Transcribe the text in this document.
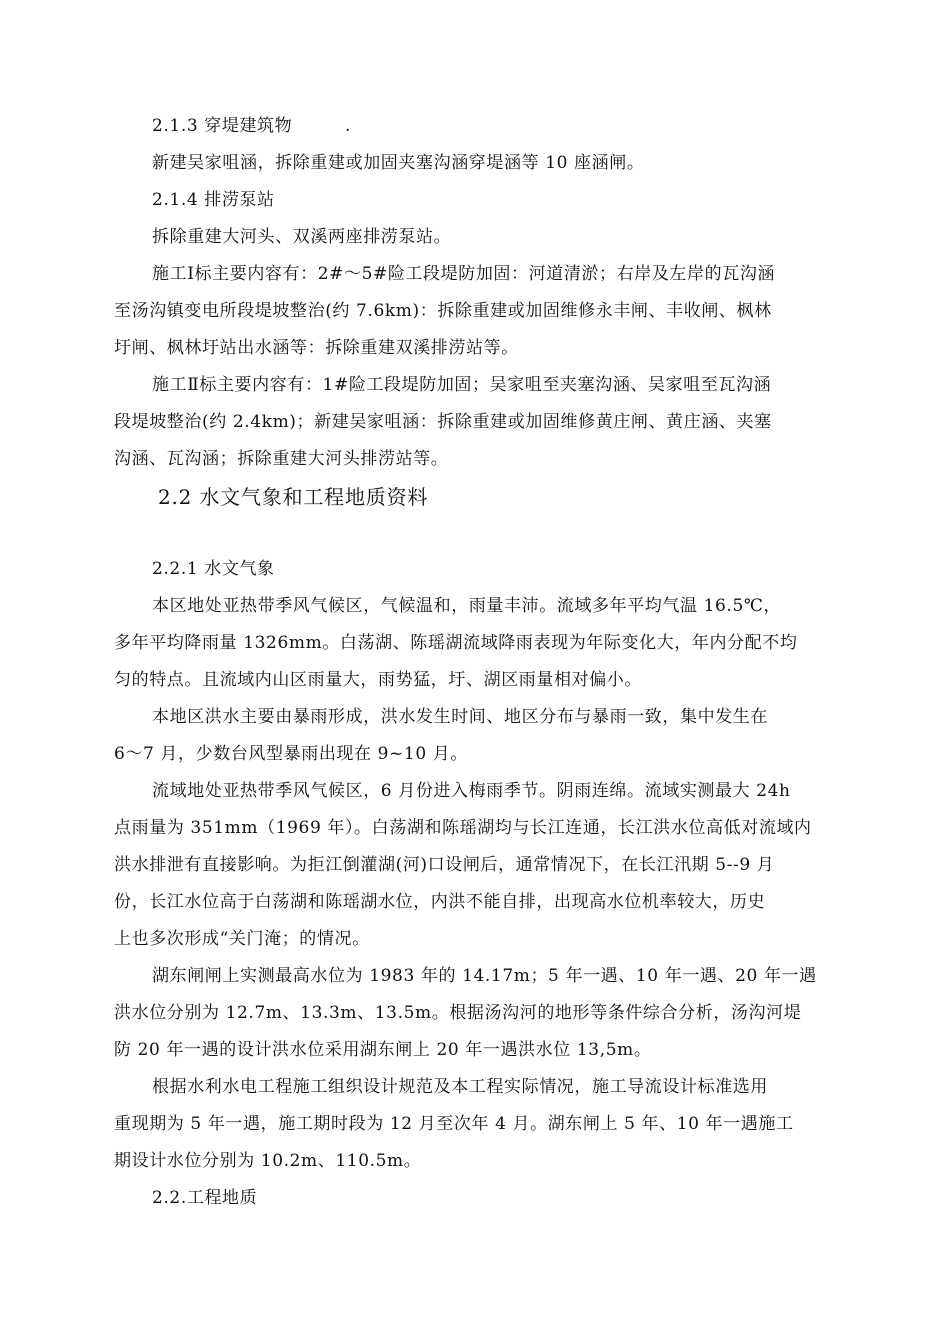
2.1.3 穿堤建筑物　　　.
新建吴家咀涵，拆除重建或加固夹塞沟涵穿堤涵等 10 座涵闸。
2.1.4 排涝泵站
拆除重建大河头、双溪两座排涝泵站。
施工Ⅰ标主要内容有：2#～5#险工段堤防加固：河道清淤；右岸及左岸的瓦沟涵
至汤沟镇变电所段堤坡整治(约 7.6km)：拆除重建或加固维修永丰闸、丰收闸、枫林
圩闸、枫林圩站出水涵等：拆除重建双溪排涝站等。
施工Ⅱ标主要内容有：1#险工段堤防加固；吴家咀至夹塞沟涵、吴家咀至瓦沟涵
段堤坡整治(约 2.4km)；新建吴家咀涵：拆除重建或加固维修黄庄闸、黄庄涵、夹塞
沟涵、瓦沟涵；拆除重建大河头排涝站等。
2.2 水文气象和工程地质资料
2.2.1 水文气象
本区地处亚热带季风气候区，气候温和，雨量丰沛。流域多年平均气温 16.5℃，
多年平均降雨量 1326mm。白荡湖、陈瑶湖流域降雨表现为年际变化大，年内分配不均
匀的特点。且流域内山区雨量大，雨势猛，圩、湖区雨量相对偏小。
本地区洪水主要由暴雨形成，洪水发生时间、地区分布与暴雨一致，集中发生在
6～7 月，少数台风型暴雨出现在 9~10 月。
流域地处亚热带季风气候区，6 月份进入梅雨季节。阴雨连绵。流域实测最大 24h
点雨量为 351mm（1969 年）。白荡湖和陈瑶湖均与长江连通，长江洪水位高低对流域内
洪水排泄有直接影响。为拒江倒灌湖(河)口设闸后，通常情况下，在长江汛期 5--9 月
份，长江水位高于白荡湖和陈瑶湖水位，内洪不能自排，出现高水位机率较大，历史
上也多次形成“关门淹；的情况。
湖东闸闸上实测最高水位为 1983 年的 14.17m；5 年一遇、10 年一遇、20 年一遇
洪水位分别为 12.7m、13.3m、13.5m。根据汤沟河的地形等条件综合分析，汤沟河堤
防 20 年一遇的设计洪水位采用湖东闸上 20 年一遇洪水位 13,5m。
根据水利水电工程施工组织设计规范及本工程实际情况，施工导流设计标准选用
重现期为 5 年一遇，施工期时段为 12 月至次年 4 月。湖东闸上 5 年、10 年一遇施工
期设计水位分别为 10.2m、110.5m。
2.2.工程地质
